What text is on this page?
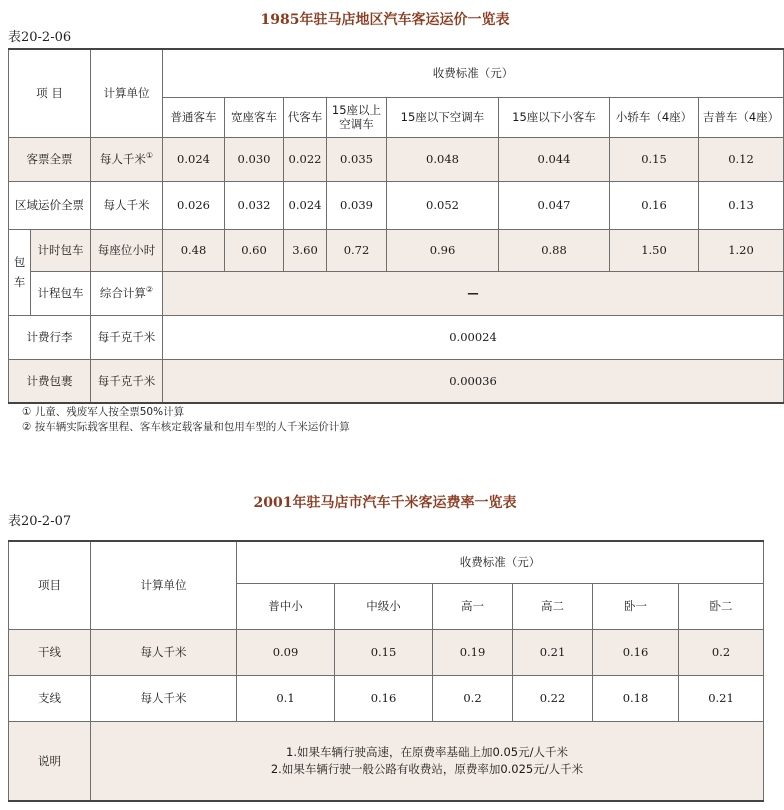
1985年驻马店地区汽车客运运价一览表
表20-2-06
项 目		计算单位	收费标准（元）							
			普通客车	宽座客车	代客车	15座以上空调车	15座以下空调车	15座以下小客车	小轿车（4座）	吉普车（4座）
客票全票		每人千米①	0.024	0.030	0.022	0.035	0.048	0.044	0.15	0.12
区域运价全票		每人千米	0.026	0.032	0.024	0.039	0.052	0.047	0.16	0.13
包车	计时包车	每座位小时	0.48	0.60	3.60	0.72	0.96	0.88	1.50	1.20
	计程包车	综合计算②	—							
计费行李		每千克千米	0.00024							
计费包裹		每千克千米	0.00036							
① 儿童、残废军人按全票50%计算
② 按车辆实际载客里程、客车核定载客量和包用车型的人千米运价计算
2001年驻马店市汽车千米客运费率一览表
表20-2-07
项目	计算单位	收费标准（元）					
		普中小	中级小	高一	高二	卧一	卧二
干线	每人千米	0.09	0.15	0.19	0.21	0.16	0.2
支线	每人千米	0.1	0.16	0.2	0.22	0.18	0.21
说明	1.如果车辆行驶高速，在原费率基础上加0.05元/人千米
2.如果车辆行驶一般公路有收费站，原费率加0.025元/人千米						
